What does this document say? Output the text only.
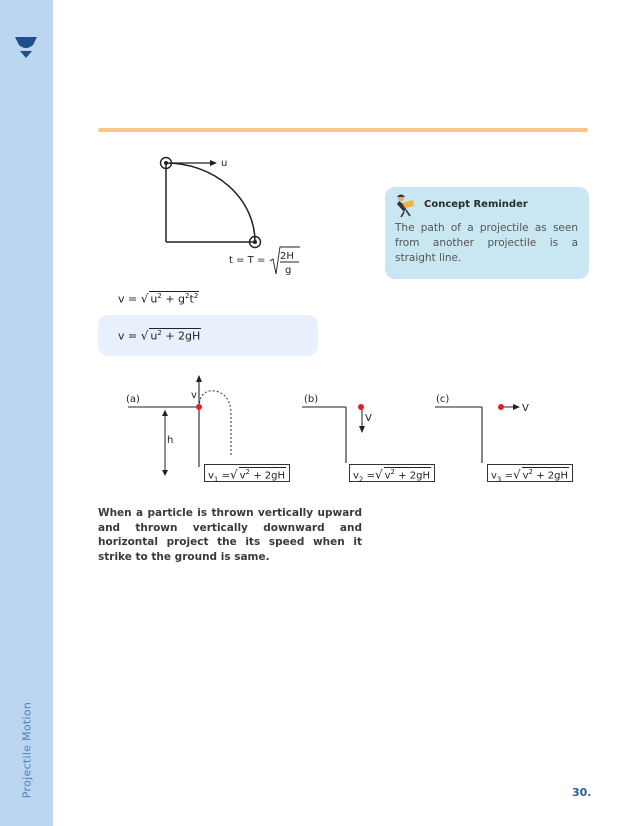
Projectile Motion
u
t = T = 2H
g
Concept Reminder
The path of a projectile as seen from another projectile is a straight line.
v = √ $u^2 + g^2t^2$
v = √ $u^2 + 2gH$
(a)	v
h
(b)
V
(c)
V
$v_1$ =√ $v^2 + 2gH$	$v_2$ =√ $v^2 + 2gH$	$v_3$ =√ $v^2 + 2gH$
When a particle is thrown vertically upward and thrown vertically downward and horizontal project the its speed when it strike to the ground is same.
30.
